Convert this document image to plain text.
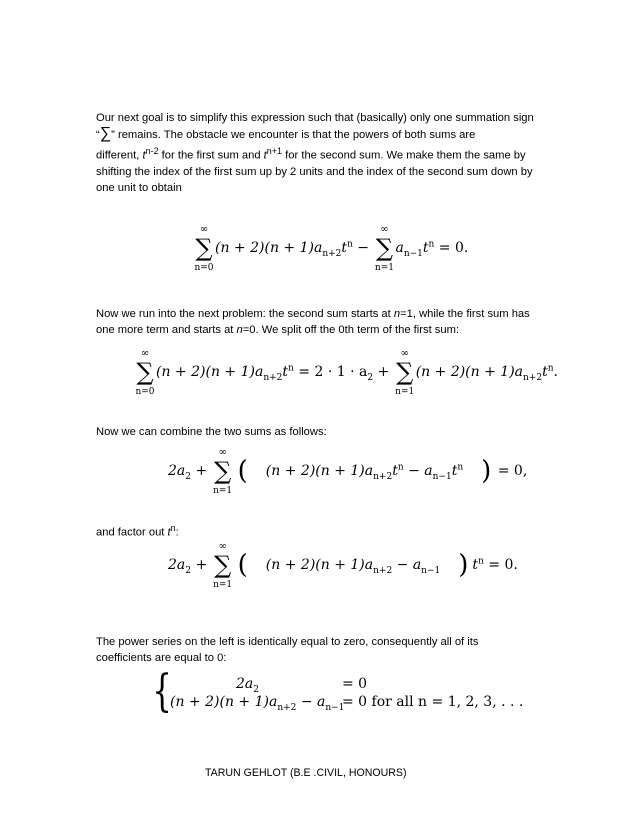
Our next goal is to simplify this expression such that (basically) only one summation sign
“∑” remains. The obstacle we encounter is that the powers of both sums are
different, $t^{n-2}$ for the first sum and $t^{n+1}$ for the second sum. We make them the same by
shifting the index of the first sum up by 2 units and the index of the second sum down by
one unit to obtain
∞
∑
n=0
$(n + 2)(n + 1)a_{n+2}t^n$ −
∞
∑
n=1
$a_{n-1}t^n = 0$.
Now we run into the next problem: the second sum starts at n=1, while the first sum has
one more term and starts at n=0. We split off the 0th term of the first sum:
∞
∑
n=0
$(n + 2)(n + 1)a_{n+2}t^n = 2 \cdot 1 \cdot a_2$ +
∞
∑
n=1
$(n + 2)(n + 1)a_{n+2}t^n$.
Now we can combine the two sums as follows:
$2a_2$ +
∞
∑
n=1
( $(n + 2)(n + 1)a_{n+2}t^n - a_{n-1}t^n$ ) = 0,
and factor out $t^n$:
$2a_2$ +
∞
∑
n=1
( $(n + 2)(n + 1)a_{n+2} - a_{n-1}$ ) $t^n = 0$.
The power series on the left is identically equal to zero, consequently all of its
coefficients are equal to 0:
{	$2a_2$	= 0
$(n + 2)(n + 1)a_{n+2} - a_{n-1}$
= 0 for all n = 1, 2, 3, . . .
TARUN GEHLOT (B.E .CIVIL, HONOURS)
